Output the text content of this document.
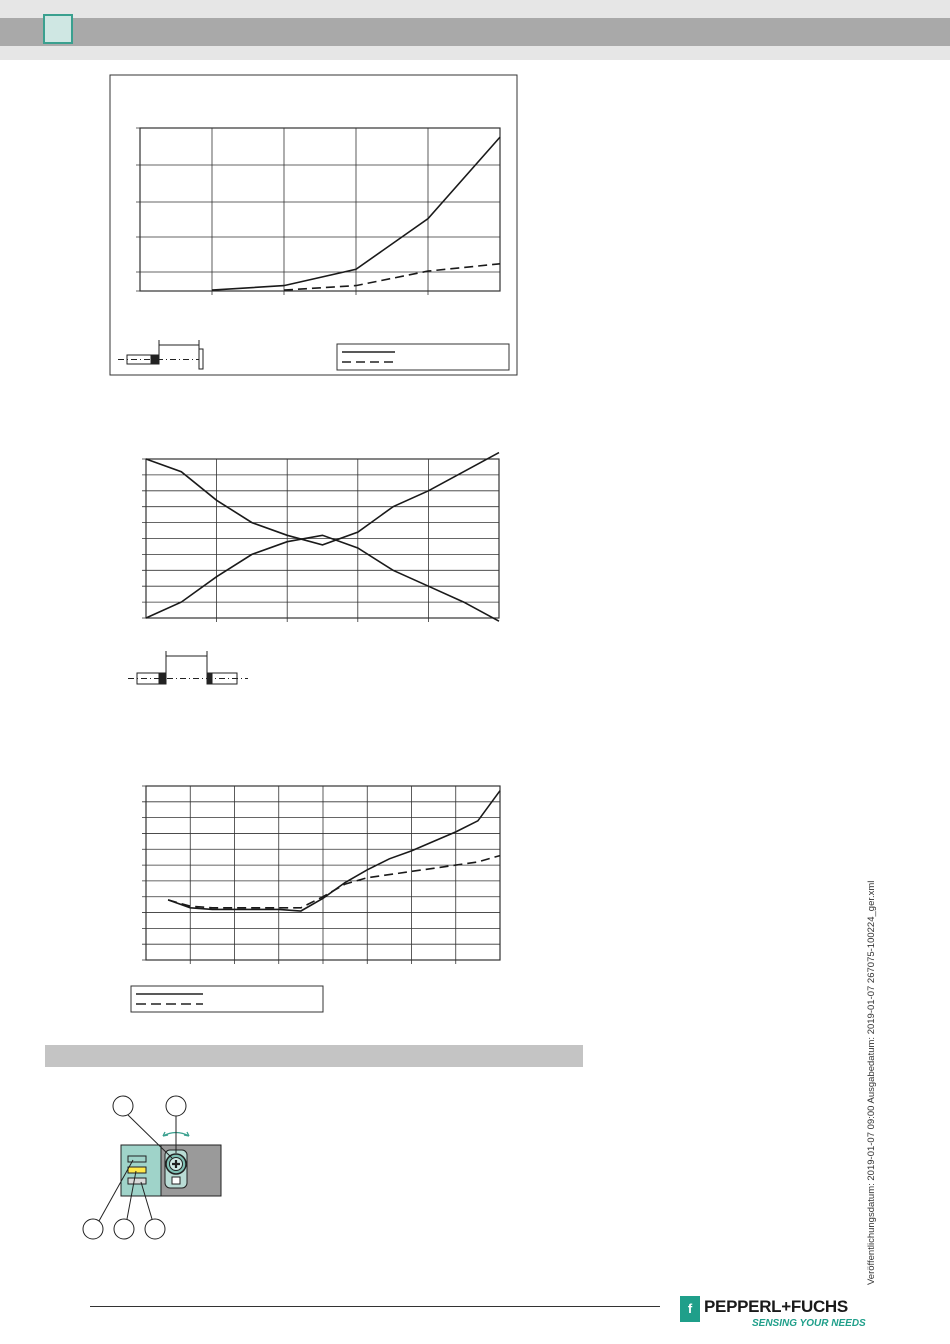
Veröffentlichungsdatum: 2019-01-07 09:00 Ausgabedatum: 2019-01-07 267075-100224_ger.xml
f PEPPERL+FUCHS
SENSING YOUR NEEDS
